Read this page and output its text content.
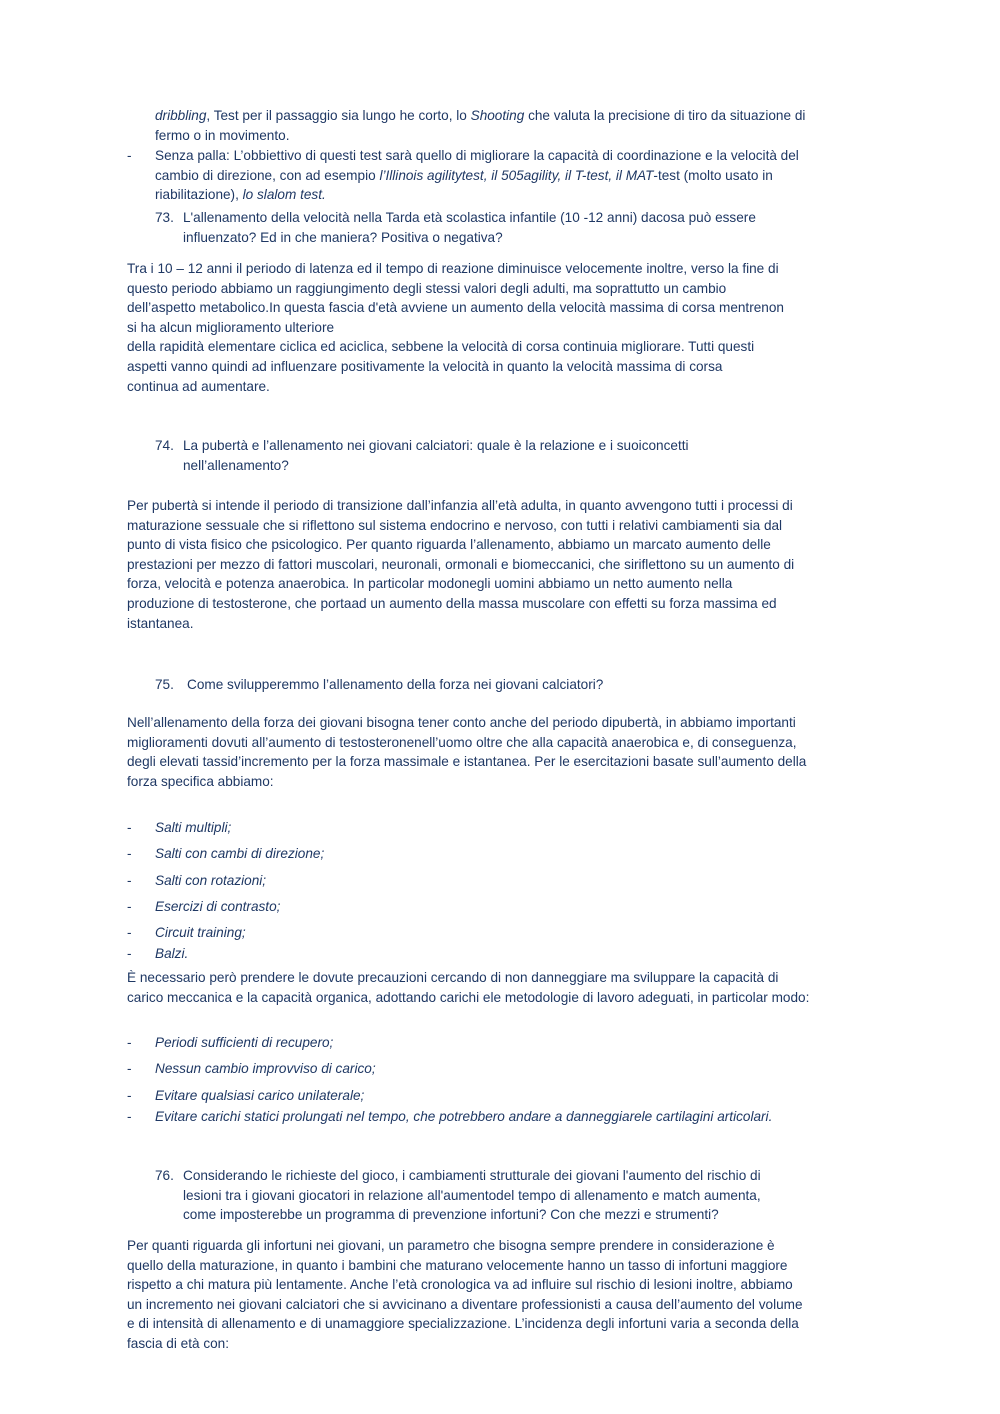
dribbling, Test per il passaggio sia lungo he corto, lo Shooting che valuta la precisione di tiro da situazione di
fermo o in movimento.
- Senza palla: L’obbiettivo di questi test sarà quello di migliorare la capacità di coordinazione e la velocità del
cambio di direzione, con ad esempio l’Illinois agilitytest, il 505agility, il T-test, il MAT-test (molto usato in
riabilitazione), lo slalom test.
73. L'allenamento della velocità nella Tarda età scolastica infantile (10 -12 anni) dacosa può essere
influenzato? Ed in che maniera? Positiva o negativa?
Tra i 10 – 12 anni il periodo di latenza ed il tempo di reazione diminuisce velocemente inoltre, verso la fine di
questo periodo abbiamo un raggiungimento degli stessi valori degli adulti, ma soprattutto un cambio
dell’aspetto metabolico.In questa fascia d'età avviene un aumento della velocità massima di corsa mentrenon
si ha alcun miglioramento ulteriore
della rapidità elementare ciclica ed aciclica, sebbene la velocità di corsa continuia migliorare. Tutti questi
aspetti vanno quindi ad influenzare positivamente la velocità in quanto la velocità massima di corsa
continua ad aumentare.
74. La pubertà e l’allenamento nei giovani calciatori: quale è la relazione e i suoiconcetti
nell’allenamento?
Per pubertà si intende il periodo di transizione dall’infanzia all’età adulta, in quanto avvengono tutti i processi di
maturazione sessuale che si riflettono sul sistema endocrino e nervoso, con tutti i relativi cambiamenti sia dal
punto di vista fisico che psicologico. Per quanto riguarda l’allenamento, abbiamo un marcato aumento delle
prestazioni per mezzo di fattori muscolari, neuronali, ormonali e biomeccanici, che siriflettono su un aumento di
forza, velocità e potenza anaerobica. In particolar modonegli uomini abbiamo un netto aumento nella
produzione di testosterone, che portaad un aumento della massa muscolare con effetti su forza massima ed
istantanea.
75. Come svilupperemmo l’allenamento della forza nei giovani calciatori?
Nell’allenamento della forza dei giovani bisogna tener conto anche del periodo dipubertà, in abbiamo importanti
miglioramenti dovuti all’aumento di testosteronenell’uomo oltre che alla capacità anaerobica e, di conseguenza,
degli elevati tassid’incremento per la forza massimale e istantanea. Per le esercitazioni basate sull’aumento della
forza specifica abbiamo:
- Salti multipli;
- Salti con cambi di direzione;
- Salti con rotazioni;
- Esercizi di contrasto;
- Circuit training;
- Balzi.
È necessario però prendere le dovute precauzioni cercando di non danneggiare ma sviluppare la capacità di
carico meccanica e la capacità organica, adottando carichi ele metodologie di lavoro adeguati, in particolar modo:
- Periodi sufficienti di recupero;
- Nessun cambio improvviso di carico;
- Evitare qualsiasi carico unilaterale;
- Evitare carichi statici prolungati nel tempo, che potrebbero andare a danneggiarele cartilagini articolari.
76. Considerando le richieste del gioco, i cambiamenti strutturale dei giovani l'aumento del rischio di
lesioni tra i giovani giocatori in relazione all'aumentodel tempo di allenamento e match aumenta,
come imposterebbe un programma di prevenzione infortuni? Con che mezzi e strumenti?
Per quanti riguarda gli infortuni nei giovani, un parametro che bisogna sempre prendere in considerazione è
quello della maturazione, in quanto i bambini che maturano velocemente hanno un tasso di infortuni maggiore
rispetto a chi matura più lentamente. Anche l’età cronologica va ad influire sul rischio di lesioni inoltre, abbiamo
un incremento nei giovani calciatori che si avvicinano a diventare professionisti a causa dell’aumento del volume
e di intensità di allenamento e di unamaggiore specializzazione. L’incidenza degli infortuni varia a seconda della
fascia di età con:
